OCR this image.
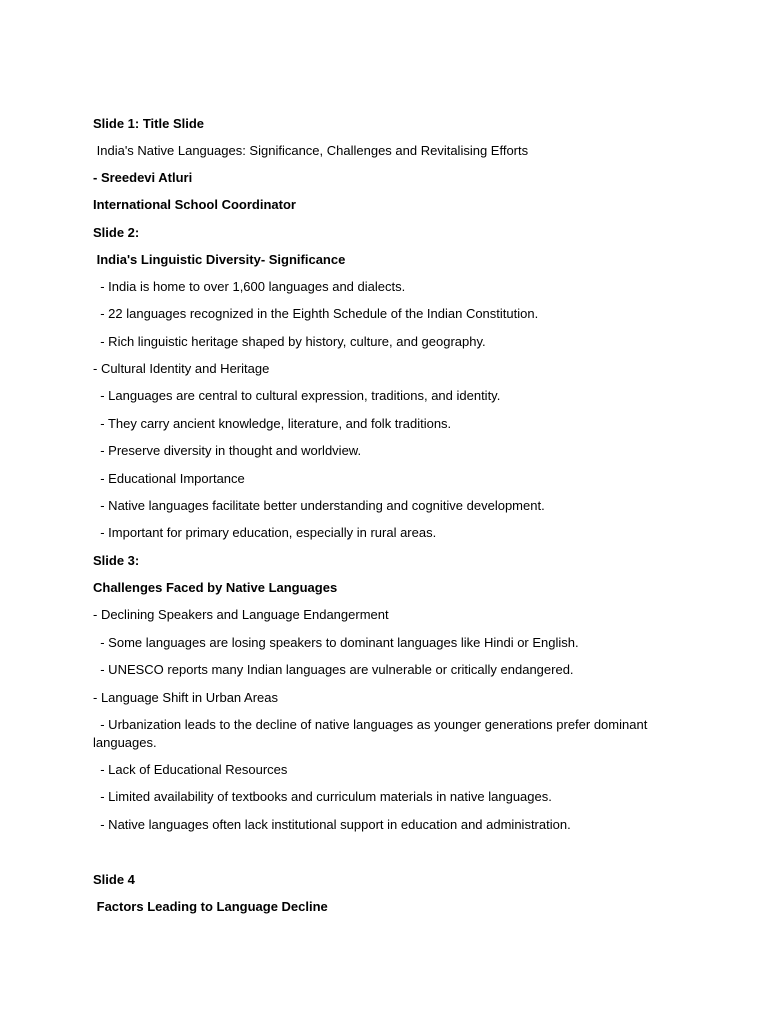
Slide 1: Title Slide
India's Native Languages: Significance, Challenges and Revitalising Efforts
- Sreedevi Atluri
International School Coordinator
Slide 2:
India's Linguistic Diversity- Significance
- India is home to over 1,600 languages and dialects.
- 22 languages recognized in the Eighth Schedule of the Indian Constitution.
- Rich linguistic heritage shaped by history, culture, and geography.
- Cultural Identity and Heritage
- Languages are central to cultural expression, traditions, and identity.
- They carry ancient knowledge, literature, and folk traditions.
- Preserve diversity in thought and worldview.
- Educational Importance
- Native languages facilitate better understanding and cognitive development.
- Important for primary education, especially in rural areas.
Slide 3:
Challenges Faced by Native Languages
- Declining Speakers and Language Endangerment
- Some languages are losing speakers to dominant languages like Hindi or English.
- UNESCO reports many Indian languages are vulnerable or critically endangered.
- Language Shift in Urban Areas
- Urbanization leads to the decline of native languages as younger generations prefer dominant languages.
- Lack of Educational Resources
- Limited availability of textbooks and curriculum materials in native languages.
- Native languages often lack institutional support in education and administration.
Slide 4
Factors Leading to Language Decline
